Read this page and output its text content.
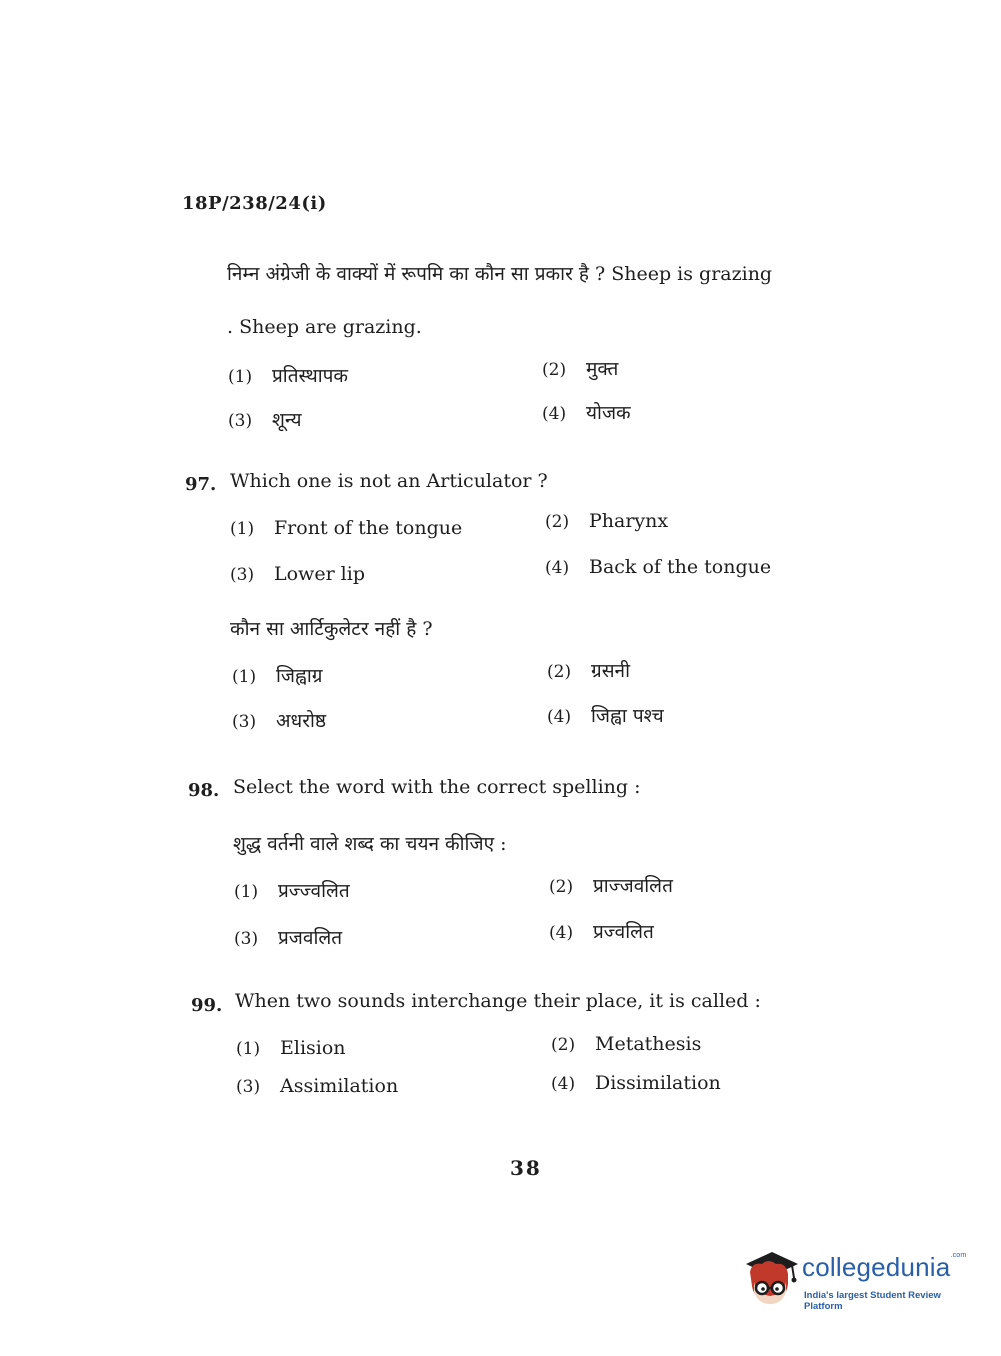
18P/238/24(i)
निम्न अंग्रेजी के वाक्यों में रूपमि का कौन सा प्रकार है ? Sheep is grazing
. Sheep are grazing.
(1) प्रतिस्थापक	(2) मुक्त
(3) शून्य	(4) योजक
97. Which one is not an Articulator ?
(1) Front of the tongue	(2) Pharynx
(3) Lower lip	(4) Back of the tongue
कौन सा आर्टिकुलेटर नहीं है ?
(1) जिह्वाग्र	(2) ग्रसनी
(3) अधरोष्ठ	(4) जिह्वा पश्च
98. Select the word with the correct spelling :
शुद्ध वर्तनी वाले शब्द का चयन कीजिए :
(1) प्रज्ज्वलित	(2) प्राज्जवलित
(3) प्रजवलित	(4) प्रज्वलित
99. When two sounds interchange their place, it is called :
(1) Elision	(2) Metathesis
(3) Assimilation	(4) Dissimilation
38
collegedunia$^{.com}$
India's largest Student Review Platform
